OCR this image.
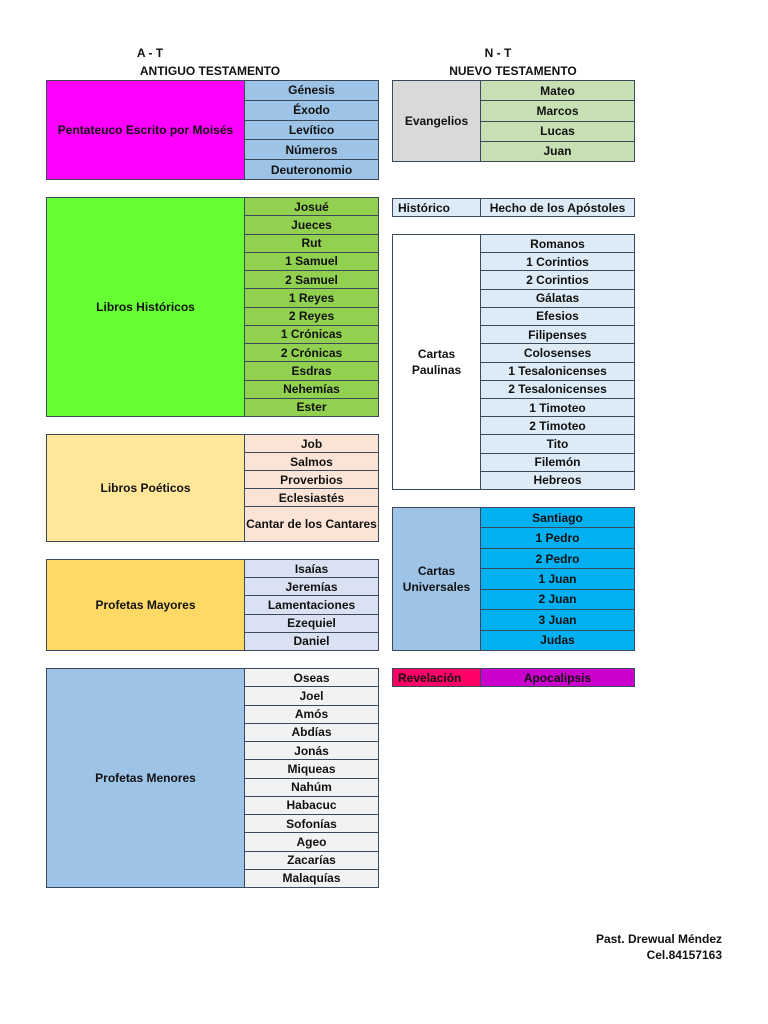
A - T
ANTIGUO TESTAMENTO
N - T
NUEVO TESTAMENTO
Pentateuco Escrito por Moisés
Génesis
Éxodo
Levítico
Números
Deuteronomio
Libros Históricos
Josué
Jueces
Rut
1 Samuel
2 Samuel
1 Reyes
2 Reyes
1 Crónicas
2 Crónicas
Esdras
Nehemías
Ester
Libros Poéticos
Job
Salmos
Proverbios
Eclesiastés
Cantar de los Cantares
Profetas Mayores
Isaías
Jeremías
Lamentaciones
Ezequiel
Daniel
Profetas Menores
Oseas
Joel
Amós
Abdías
Jonás
Miqueas
Nahúm
Habacuc
Sofonías
Ageo
Zacarías
Malaquías
Evangelios
Mateo
Marcos
Lucas
Juan
Histórico	Hecho de los Apóstoles
Cartas Paulinas
Romanos
1 Corintios
2 Corintios
Gálatas
Efesios
Filipenses
Colosenses
1 Tesalonicenses
2 Tesalonicenses
1 Timoteo
2 Timoteo
Tito
Filemón
Hebreos
Cartas Universales
Santiago
1 Pedro
2 Pedro
1 Juan
2 Juan
3 Juan
Judas
Revelación	Apocalipsis
Past. Drewual Méndez
Cel.84157163
